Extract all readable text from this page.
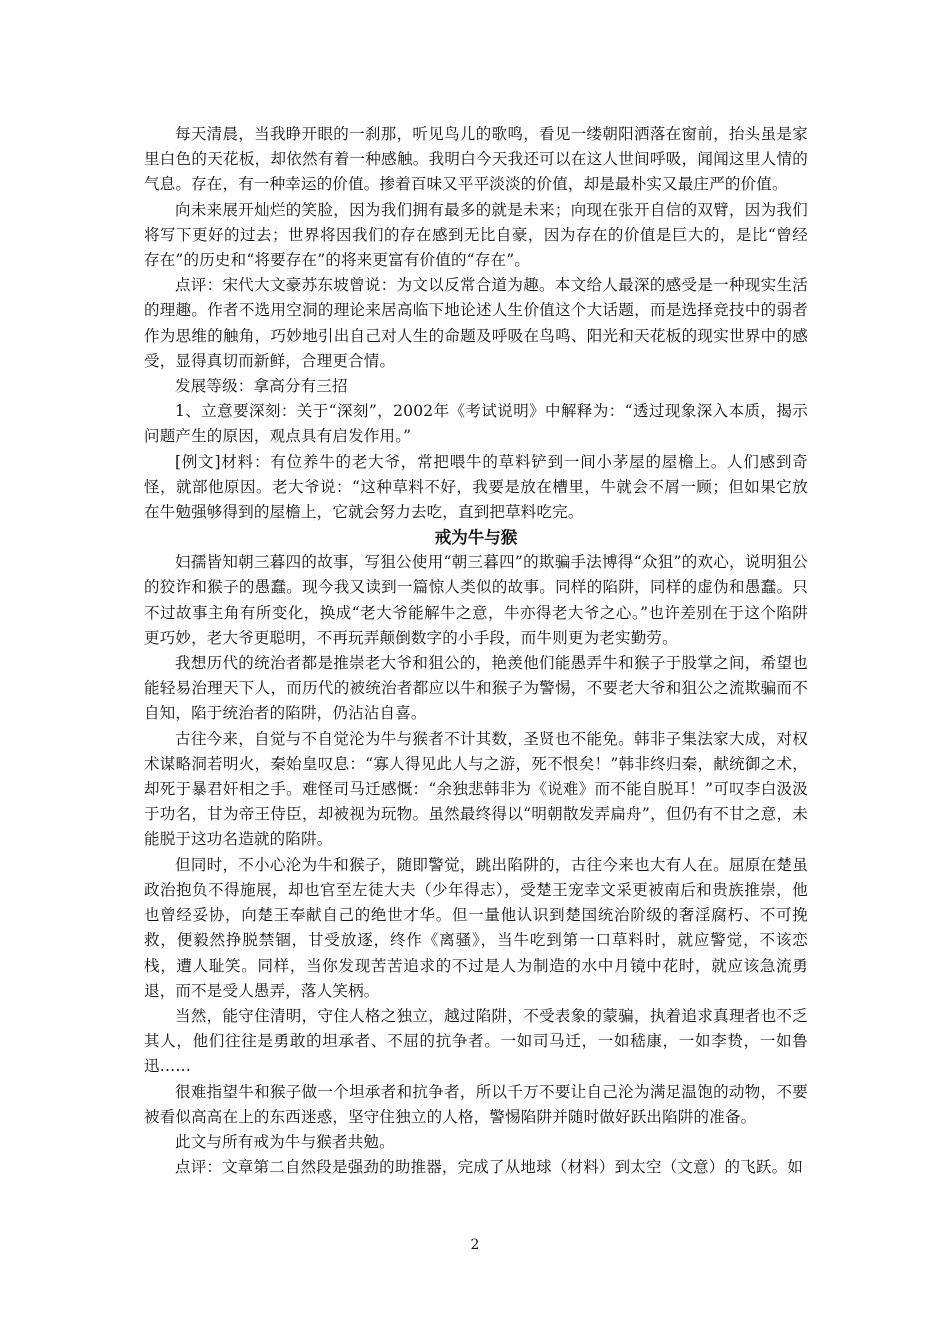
每天清晨，当我睁开眼的一刹那，听见鸟儿的歌鸣，看见一缕朝阳洒落在窗前，抬头虽是家里白色的天花板，却依然有着一种感触。我明白今天我还可以在这人世间呼吸，闻闻这里人情的气息。存在，有一种幸运的价值。掺着百味又平平淡淡的价值，却是最朴实又最庄严的价值。

向未来展开灿烂的笑脸，因为我们拥有最多的就是未来；向现在张开自信的双臂，因为我们将写下更好的过去；世界将因我们的存在感到无比自豪，因为存在的价值是巨大的，是比“曾经存在”的历史和“将要存在”的将来更富有价值的“存在”。

点评：宋代大文豪苏东坡曾说：为文以反常合道为趣。本文给人最深的感受是一种现实生活的理趣。作者不选用空洞的理论来居高临下地论述人生价值这个大话题，而是选择竞技中的弱者作为思维的触角，巧妙地引出自己对人生的命题及呼吸在鸟鸣、阳光和天花板的现实世界中的感受，显得真切而新鲜，合理更合情。

发展等级：拿高分有三招

1、立意要深刻：关于“深刻”，2002年《考试说明》中解释为：“透过现象深入本质，揭示问题产生的原因，观点具有启发作用。”

[例文]材料：有位养牛的老大爷，常把喂牛的草料铲到一间小茅屋的屋檐上。人们感到奇怪，就部他原因。老大爷说：“这种草料不好，我要是放在槽里，牛就会不屑一顾；但如果它放在牛勉强够得到的屋檐上，它就会努力去吃，直到把草料吃完。

戒为牛与猴

妇孺皆知朝三暮四的故事，写狙公使用“朝三暮四”的欺骗手法博得“众狙”的欢心，说明狙公的狡诈和猴子的愚蠢。现今我又读到一篇惊人类似的故事。同样的陷阱，同样的虚伪和愚蠢。只不过故事主角有所变化，换成“老大爷能解牛之意，牛亦得老大爷之心。”也许差别在于这个陷阱更巧妙，老大爷更聪明，不再玩弄颠倒数字的小手段，而牛则更为老实勤劳。

我想历代的统治者都是推崇老大爷和狙公的，艳羡他们能愚弄牛和猴子于股掌之间，希望也能轻易治理天下人，而历代的被统治者都应以牛和猴子为警惕，不要老大爷和狙公之流欺骗而不自知，陷于统治者的陷阱，仍沾沾自喜。

古往今来，自觉与不自觉沦为牛与猴者不计其数，圣贤也不能免。韩非子集法家大成，对权术谋略洞若明火，秦始皇叹息：“寡人得见此人与之游，死不恨矣！”韩非终归秦，献统御之术，却死于暴君奸相之手。难怪司马迁感慨：“余独悲韩非为《说难》而不能自脱耳！”可叹李白汲汲于功名，甘为帝王侍臣，却被视为玩物。虽然最终得以“明朝散发弄扁舟”，但仍有不甘之意，未能脱于这功名造就的陷阱。

但同时，不小心沦为牛和猴子，随即警觉，跳出陷阱的，古往今来也大有人在。屈原在楚虽政治抱负不得施展，却也官至左徒大夫（少年得志），受楚王宠幸文采更被南后和贵族推崇，他也曾经妥协，向楚王奉献自己的绝世才华。但一量他认识到楚国统治阶级的奢淫腐朽、不可挽救，便毅然挣脱禁锢，甘受放逐，终作《离骚》，当牛吃到第一口草料时，就应警觉，不该恋栈，遭人耻笑。同样，当你发现苦苦追求的不过是人为制造的水中月镜中花时，就应该急流勇退，而不是受人愚弄，落人笑柄。

当然，能守住清明，守住人格之独立，越过陷阱，不受表象的蒙骗，执着追求真理者也不乏其人，他们往往是勇敢的坦承者、不屈的抗争者。一如司马迁，一如嵇康，一如李贽，一如鲁迅……

很难指望牛和猴子做一个坦承者和抗争者，所以千万不要让自己沦为满足温饱的动物，不要被看似高高在上的东西迷惑，坚守住独立的人格，警惕陷阱并随时做好跃出陷阱的准备。

此文与所有戒为牛与猴者共勉。

点评：文章第二自然段是强劲的助推器，完成了从地球（材料）到太空（文意）的飞跃。如

2
